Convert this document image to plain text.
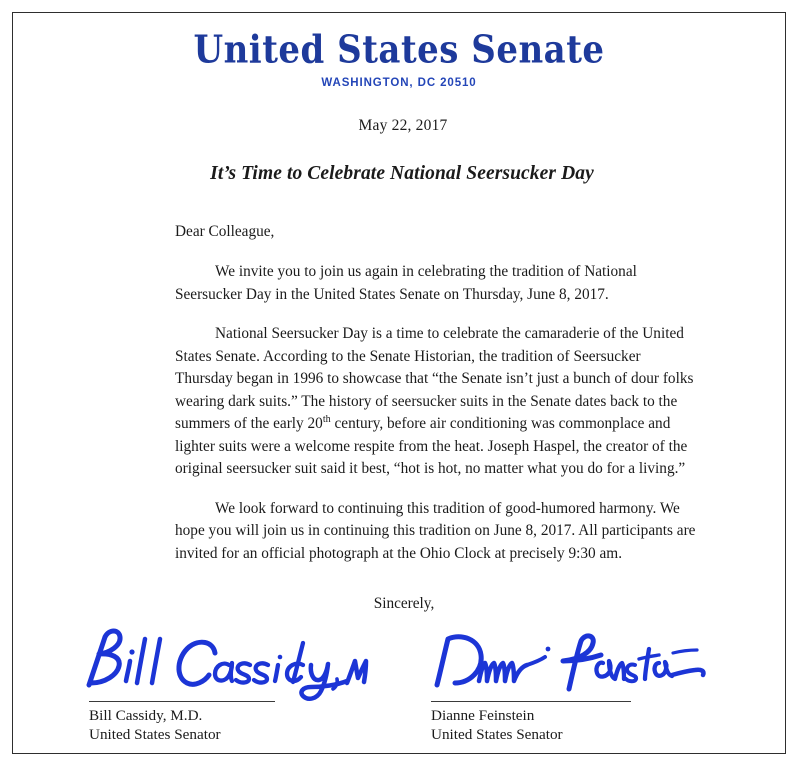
United States Senate
WASHINGTON, DC 20510
May 22, 2017
It’s Time to Celebrate National Seersucker Day

Dear Colleague,

We invite you to join us again in celebrating the tradition of National Seersucker Day in the United States Senate on Thursday, June 8, 2017.

National Seersucker Day is a time to celebrate the camaraderie of the United States Senate. According to the Senate Historian, the tradition of Seersucker Thursday began in 1996 to showcase that “the Senate isn’t just a bunch of dour folks wearing dark suits.” The history of seersucker suits in the Senate dates back to the summers of the early 20th century, before air conditioning was commonplace and lighter suits were a welcome respite from the heat. Joseph Haspel, the creator of the original seersucker suit said it best, “hot is hot, no matter what you do for a living.”

We look forward to continuing this tradition of good-humored harmony. We hope you will join us in continuing this tradition on June 8, 2017. All participants are invited for an official photograph at the Ohio Clock at precisely 9:30 am.

Sincerely,
Bill Cassidy, M.D.
United States Senator
Dianne Feinstein
United States Senator
